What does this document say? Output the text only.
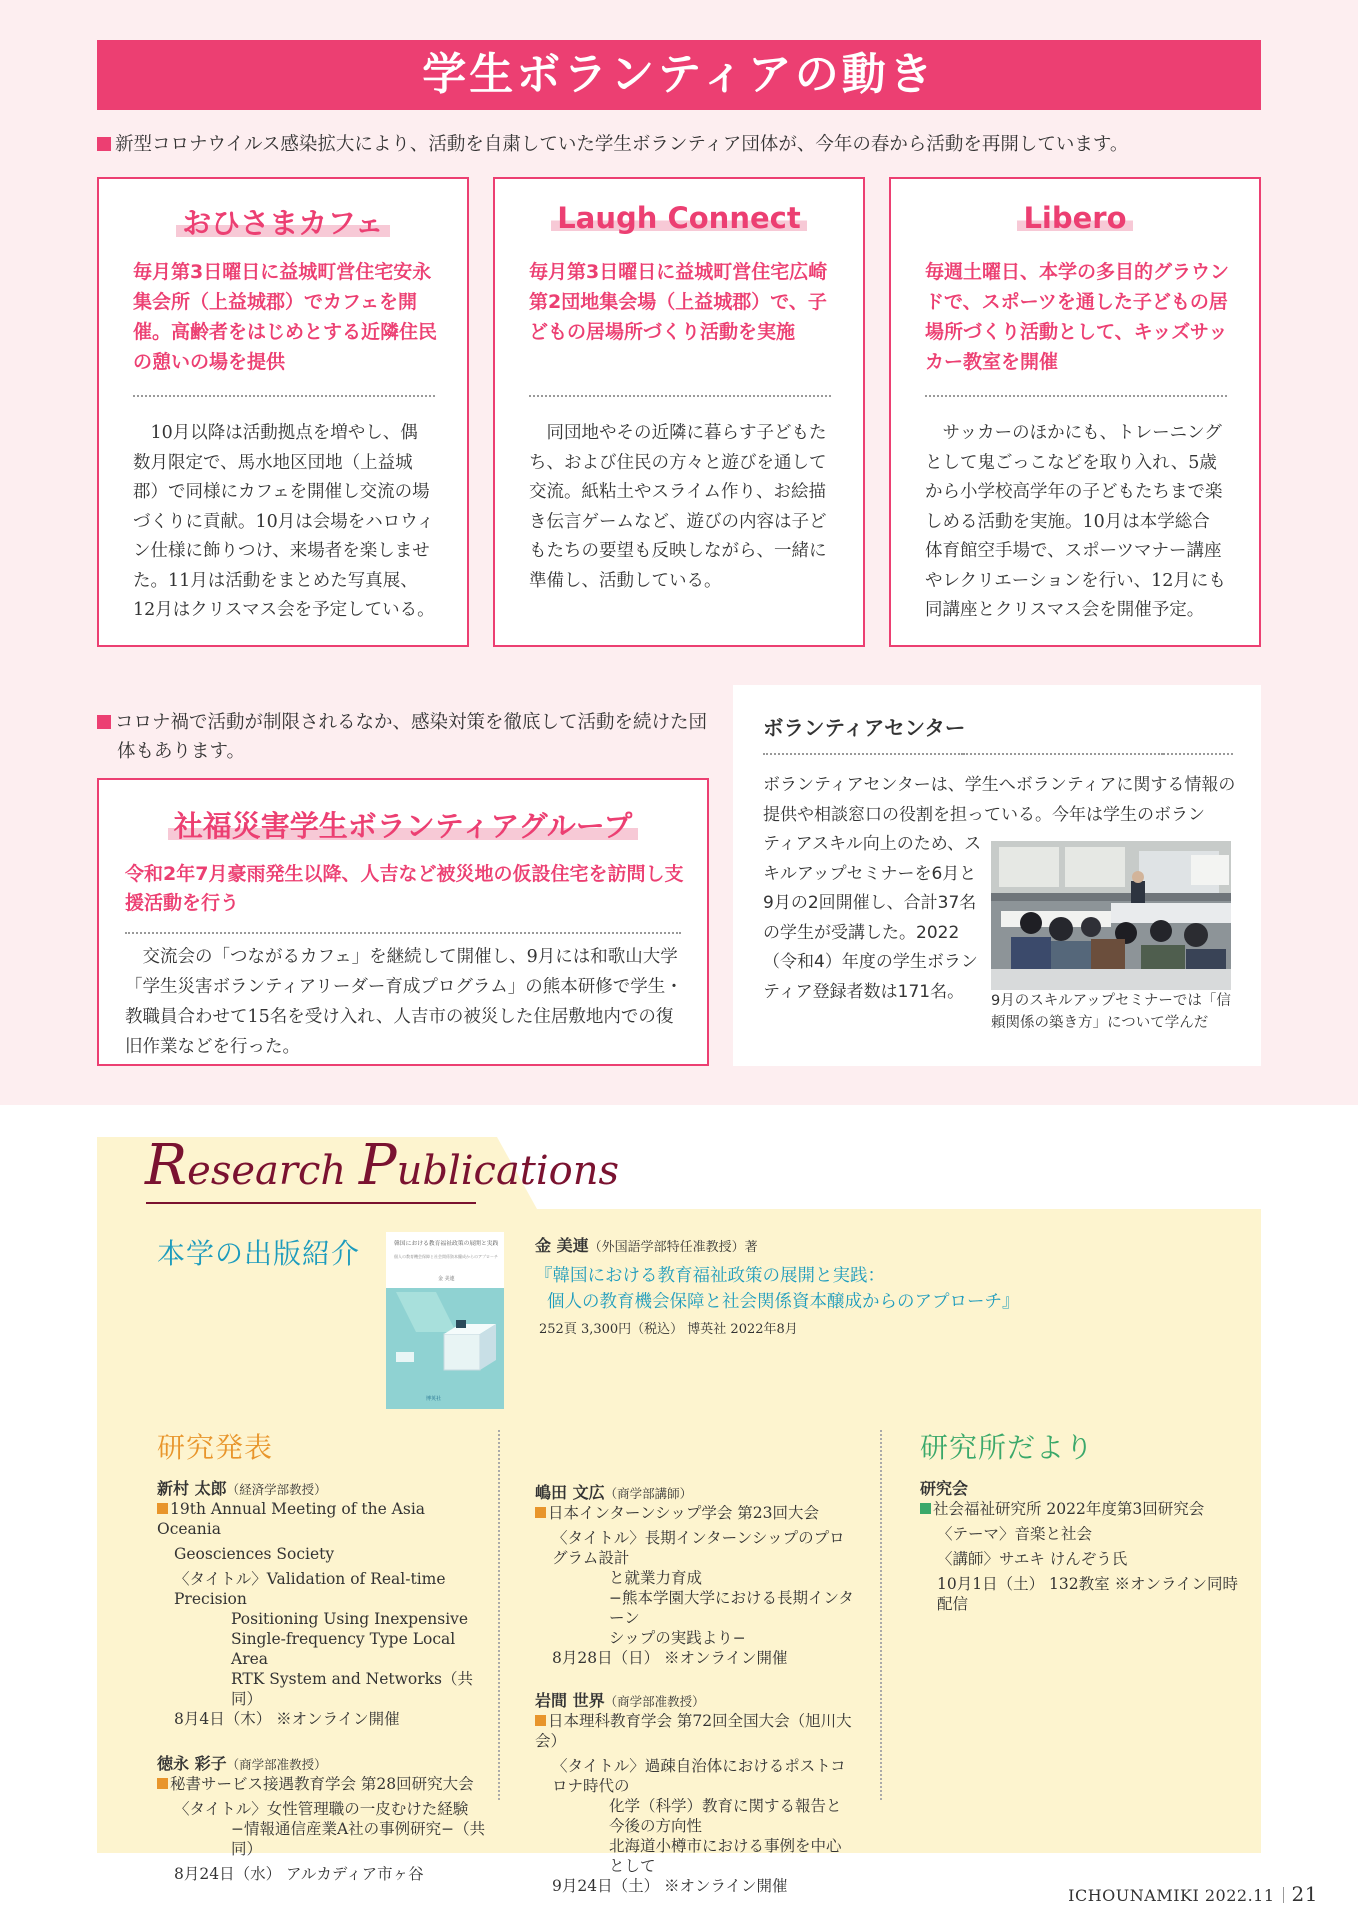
学生ボランティアの動き
新型コロナウイルス感染拡大により、活動を自粛していた学生ボランティア団体が、今年の春から活動を再開しています。
おひさまカフェ
毎月第3日曜日に益城町営住宅安永集会所（上益城郡）でカフェを開催。高齢者をはじめとする近隣住民の憩いの場を提供
10月以降は活動拠点を増やし、偶数月限定で、馬水地区団地（上益城郡）で同様にカフェを開催し交流の場づくりに貢献。10月は会場をハロウィン仕様に飾りつけ、来場者を楽しませた。11月は活動をまとめた写真展、12月はクリスマス会を予定している。
Laugh Connect
毎月第3日曜日に益城町営住宅広崎第2団地集会場（上益城郡）で、子どもの居場所づくり活動を実施
同団地やその近隣に暮らす子どもたち、および住民の方々と遊びを通して交流。紙粘土やスライム作り、お絵描き伝言ゲームなど、遊びの内容は子どもたちの要望も反映しながら、一緒に準備し、活動している。
Libero
毎週土曜日、本学の多目的グラウンドで、スポーツを通した子どもの居場所づくり活動として、キッズサッカー教室を開催
サッカーのほかにも、トレーニングとして鬼ごっこなどを取り入れ、5歳から小学校高学年の子どもたちまで楽しめる活動を実施。10月は本学総合体育館空手場で、スポーツマナー講座やレクリエーションを行い、12月にも同講座とクリスマス会を開催予定。
コロナ禍で活動が制限されるなか、感染対策を徹底して活動を続けた団体もあります。
社福災害学生ボランティアグループ
令和2年7月豪雨発生以降、人吉など被災地の仮設住宅を訪問し支援活動を行う
交流会の「つながるカフェ」を継続して開催し、9月には和歌山大学「学生災害ボランティアリーダー育成プログラム」の熊本研修で学生・教職員合わせて15名を受け入れ、人吉市の被災した住居敷地内での復旧作業などを行った。
ボランティアセンター
ボランティアセンターは、学生へボランティアに関する情報の提供や相談窓口の役割を担っている。今年は学生のボラン
ティアスキル向上のため、スキルアップセミナーを6月と9月の2回開催し、合計37名の学生が受講した。2022（令和4）年度の学生ボランティア登録者数は171名。	9月のスキルアップセミナーでは「信頼関係の築き方」について学んだ
Research Publications
本学の出版紹介	韓国における教育福祉政策の展開と実践
個人の教育機会保障と社会関係資本醸成からのアプローチ
金 美連
博英社
金 美連（外国語学部特任准教授）著
『韓国における教育福祉政策の展開と実践：
個人の教育機会保障と社会関係資本醸成からのアプローチ』
252頁 3,300円（税込） 博英社 2022年8月
研究発表
新村 太郎（経済学部教授）
19th Annual Meeting of the Asia Oceania
Geosciences Society
〈タイトル〉Validation of Real-time Precision
Positioning Using Inexpensive
Single-frequency Type Local Area
RTK System and Networks（共同）
8月4日（木） ※オンライン開催
徳永 彩子（商学部准教授）
秘書サービス接遇教育学会 第28回研究大会
〈タイトル〉女性管理職の一皮むけた経験
−情報通信産業A社の事例研究−（共同）
8月24日（水） アルカディア市ヶ谷
嶋田 文広（商学部講師）
日本インターンシップ学会 第23回大会
〈タイトル〉長期インターンシップのプログラム設計
と就業力育成
−熊本学園大学における長期インターン
シップの実践より−
8月28日（日） ※オンライン開催
岩間 世界（商学部准教授）
日本理科教育学会 第72回全国大会（旭川大会）
〈タイトル〉過疎自治体におけるポストコロナ時代の
化学（科学）教育に関する報告と今後の方向性
北海道小樽市における事例を中心として
9月24日（土） ※オンライン開催
研究所だより
研究会
社会福祉研究所 2022年度第3回研究会
〈テーマ〉音楽と社会
〈講師〉サエキ けんぞう氏
10月1日（土） 132教室 ※オンライン同時配信
ICHOUNAMIKI 2022.11 21
